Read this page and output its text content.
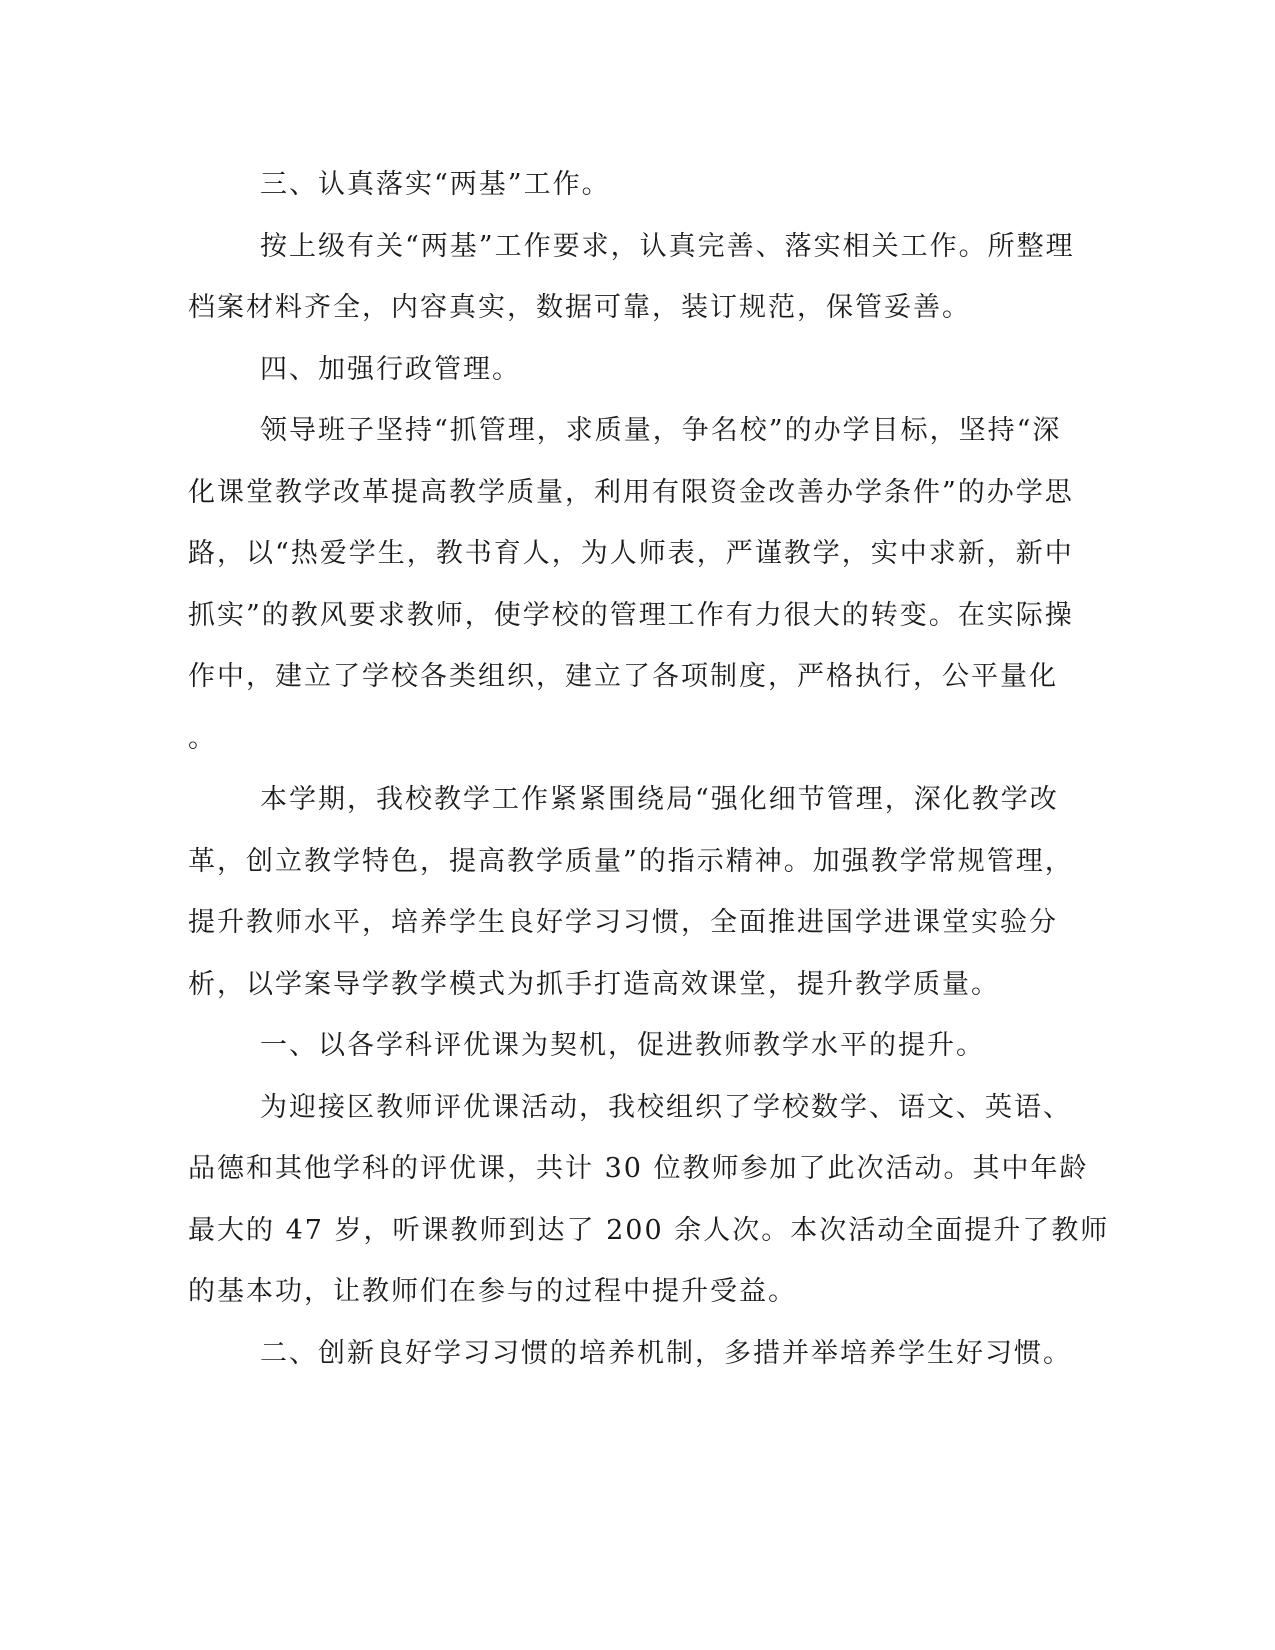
三、认真落实“两基”工作。
按上级有关“两基”工作要求，认真完善、落实相关工作。所整理
档案材料齐全，内容真实，数据可靠，装订规范，保管妥善。
四、加强行政管理。
领导班子坚持“抓管理，求质量，争名校”的办学目标，坚持“深
化课堂教学改革提高教学质量，利用有限资金改善办学条件”的办学思
路，以“热爱学生，教书育人，为人师表，严谨教学，实中求新，新中
抓实”的教风要求教师，使学校的管理工作有力很大的转变。在实际操
作中，建立了学校各类组织，建立了各项制度，严格执行，公平量化
。
本学期，我校教学工作紧紧围绕局“强化细节管理，深化教学改
革，创立教学特色，提高教学质量”的指示精神。加强教学常规管理，
提升教师水平，培养学生良好学习习惯，全面推进国学进课堂实验分
析，以学案导学教学模式为抓手打造高效课堂，提升教学质量。
一、以各学科评优课为契机，促进教师教学水平的提升。
为迎接区教师评优课活动，我校组织了学校数学、语文、英语、
品德和其他学科的评优课，共计 30 位教师参加了此次活动。其中年龄
最大的 47 岁，听课教师到达了 200 余人次。本次活动全面提升了教师
的基本功，让教师们在参与的过程中提升受益。
二、创新良好学习习惯的培养机制，多措并举培养学生好习惯。
